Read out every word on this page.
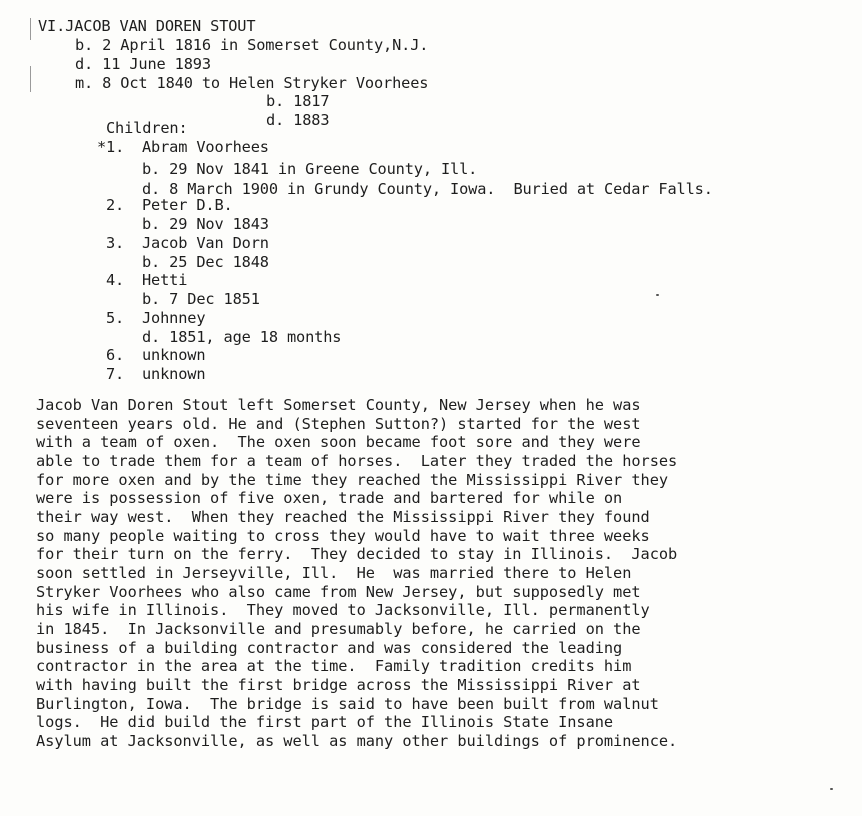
VI.JACOB VAN DOREN STOUT
b. 2 April 1816 in Somerset County,N.J.
d. 11 June 1893
m. 8 Oct 1840 to Helen Stryker Voorhees
b. 1817
d. 1883
Children:
*1. Abram Voorhees
b. 29 Nov 1841 in Greene County, Ill.
d. 8 March 1900 in Grundy County, Iowa.  Buried at Cedar Falls.
2. Peter D.B.
b. 29 Nov 1843
3. Jacob Van Dorn
b. 25 Dec 1848
4. Hetti
b. 7 Dec 1851
5. Johnney
d. 1851, age 18 months
6. unknown
7. unknown
Jacob Van Doren Stout left Somerset County, New Jersey when he was
seventeen years old. He and (Stephen Sutton?) started for the west
with a team of oxen.  The oxen soon became foot sore and they were
able to trade them for a team of horses.  Later they traded the horses
for more oxen and by the time they reached the Mississippi River they
were is possession of five oxen, trade and bartered for while on
their way west.  When they reached the Mississippi River they found
so many people waiting to cross they would have to wait three weeks
for their turn on the ferry.  They decided to stay in Illinois.  Jacob
soon settled in Jerseyville, Ill.  He  was married there to Helen
Stryker Voorhees who also came from New Jersey, but supposedly met
his wife in Illinois.  They moved to Jacksonville, Ill. permanently
in 1845.  In Jacksonville and presumably before, he carried on the
business of a building contractor and was considered the leading
contractor in the area at the time.  Family tradition credits him
with having built the first bridge across the Mississippi River at
Burlington, Iowa.  The bridge is said to have been built from walnut
logs.  He did build the first part of the Illinois State Insane
Asylum at Jacksonville, as well as many other buildings of prominence.
